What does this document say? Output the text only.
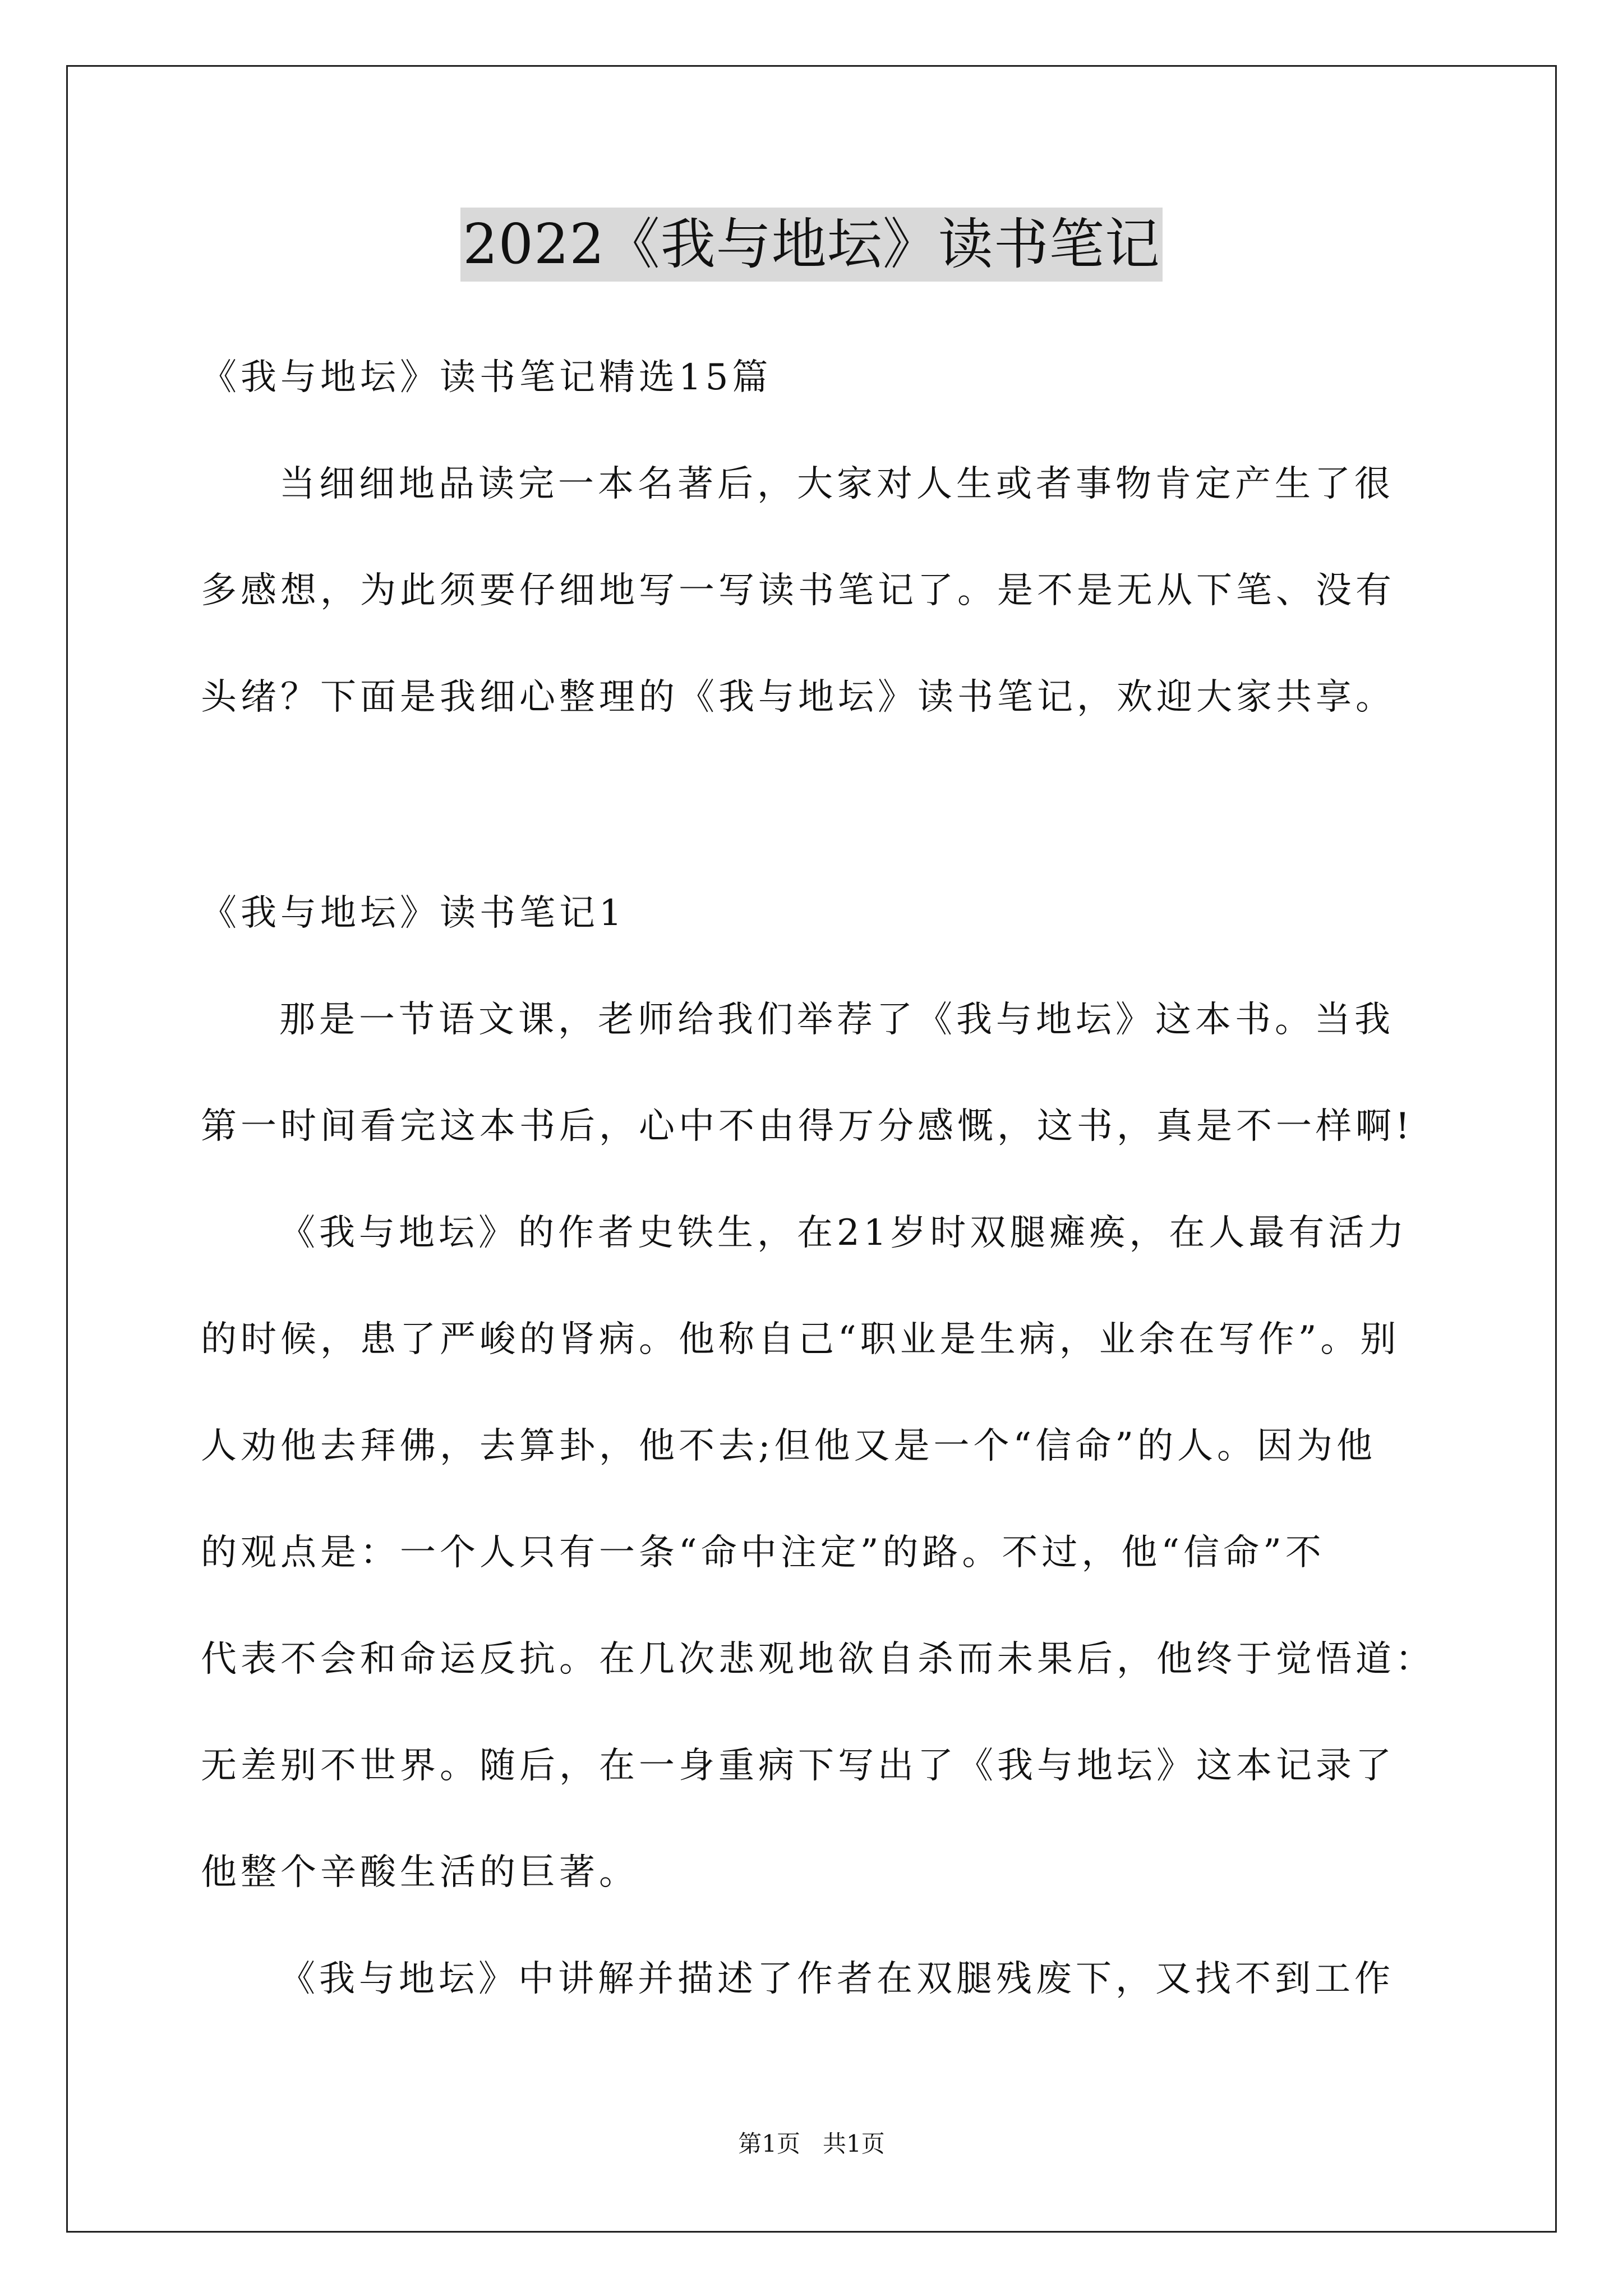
2022《我与地坛》读书笔记
《我与地坛》读书笔记精选15篇
当细细地品读完一本名著后，大家对人生或者事物肯定产生了很
多感想，为此须要仔细地写一写读书笔记了。是不是无从下笔、没有
头绪？下面是我细心整理的《我与地坛》读书笔记，欢迎大家共享。
《我与地坛》读书笔记1
那是一节语文课，老师给我们举荐了《我与地坛》这本书。当我
第一时间看完这本书后，心中不由得万分感慨，这书，真是不一样啊!
《我与地坛》的作者史铁生，在21岁时双腿瘫痪，在人最有活力
的时候，患了严峻的肾病。他称自己“职业是生病，业余在写作”。别
人劝他去拜佛，去算卦，他不去;但他又是一个“信命”的人。因为他
的观点是：一个人只有一条“命中注定”的路。不过，他“信命”不
代表不会和命运反抗。在几次悲观地欲自杀而未果后，他终于觉悟道：
无差别不世界。随后，在一身重病下写出了《我与地坛》这本记录了
他整个辛酸生活的巨著。
《我与地坛》中讲解并描述了作者在双腿残废下，又找不到工作
第1页 共1页
